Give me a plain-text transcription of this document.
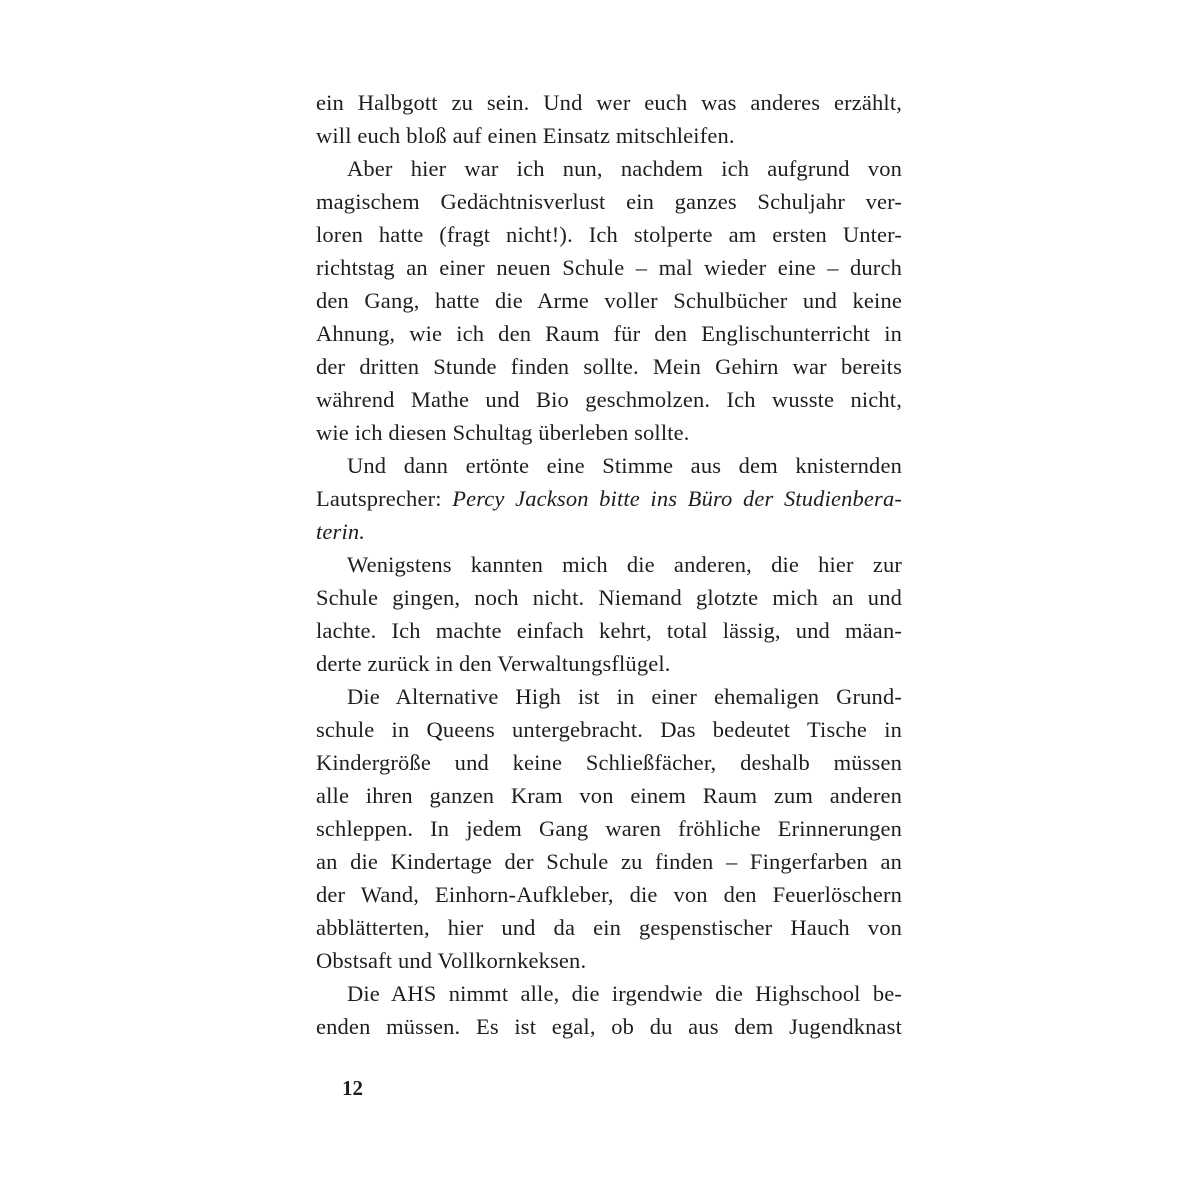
ein Halbgott zu sein. Und wer euch was anderes erzählt,
will euch bloß auf einen Einsatz mitschleifen.
Aber hier war ich nun, nachdem ich aufgrund von
magischem Gedächtnisverlust ein ganzes Schuljahr ver-
loren hatte (fragt nicht!). Ich stolperte am ersten Unter-
richtstag an einer neuen Schule – mal wieder eine – durch
den Gang, hatte die Arme voller Schulbücher und keine
Ahnung, wie ich den Raum für den Englischunterricht in
der dritten Stunde finden sollte. Mein Gehirn war bereits
während Mathe und Bio geschmolzen. Ich wusste nicht,
wie ich diesen Schultag überleben sollte.
Und dann ertönte eine Stimme aus dem knisternden
Lautsprecher: Percy Jackson bitte ins Büro der Studienbera-
terin.
Wenigstens kannten mich die anderen, die hier zur
Schule gingen, noch nicht. Niemand glotzte mich an und
lachte. Ich machte einfach kehrt, total lässig, und mäan-
derte zurück in den Verwaltungsflügel.
Die Alternative High ist in einer ehemaligen Grund-
schule in Queens untergebracht. Das bedeutet Tische in
Kindergröße und keine Schließfächer, deshalb müssen
alle ihren ganzen Kram von einem Raum zum anderen
schleppen. In jedem Gang waren fröhliche Erinnerungen
an die Kindertage der Schule zu finden – Fingerfarben an
der Wand, Einhorn-Aufkleber, die von den Feuerlöschern
abblätterten, hier und da ein gespenstischer Hauch von
Obstsaft und Vollkornkeksen.
Die AHS nimmt alle, die irgendwie die Highschool be-
enden müssen. Es ist egal, ob du aus dem Jugendknast
12
